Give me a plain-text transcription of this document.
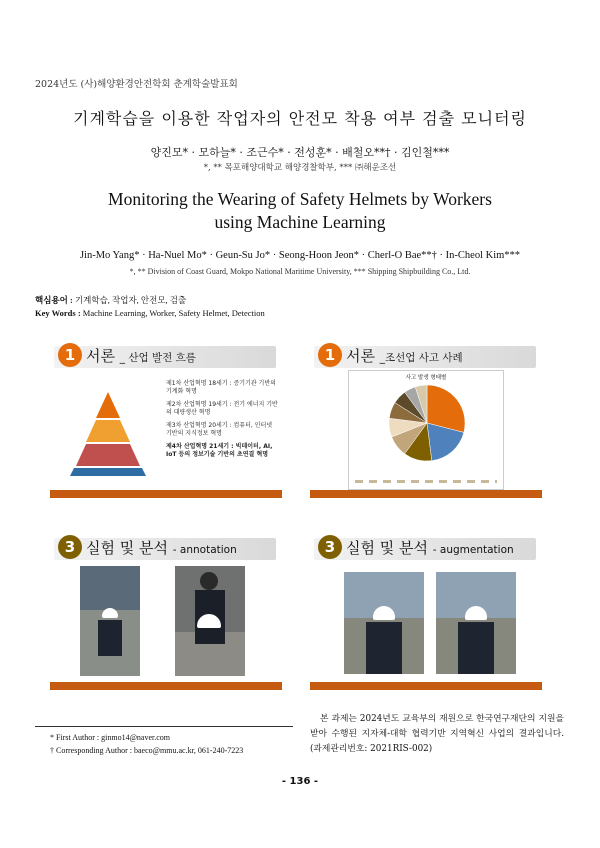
2024년도 (사)해양환경안전학회 춘계학술발표회
기계학습을 이용한 작업자의 안전모 착용 여부 검출 모니터링
양진모* · 모하늘* · 조근수* · 전성훈* · 배철오**† · 김인철***
*, ** 목포해양대학교 해양경찰학부, *** ㈜해운조선
Monitoring the Wearing of Safety Helmets by Workers
using Machine Learning
Jin-Mo Yang* · Ha-Nuel Mo* · Geun-Su Jo* · Seong-Hoon Jeon* · Cherl-O Bae**† · In-Cheol Kim***
*, ** Division of Coast Guard, Mokpo National Maritime University, *** Shipping Shipbuilding Co., Ltd.
핵심용어 : 기계학습, 작업자, 안전모, 검출
Key Words : Machine Learning, Worker, Safety Helmet, Detection
1 서론 _ 산업 발전 흐름
제1차 산업혁명 18세기 : 증기기관 기반의 기계화 혁명
제2차 산업혁명 19세기 : 전기 에너지 기반의 대량생산 혁명
제3차 산업혁명 20세기 : 컴퓨터, 인터넷 기반의 지식정보 혁명
제4차 산업혁명 21세기 : 빅데이터, AI, IoT 등의 정보기술 기반의 초연결 혁명
1 서론 _조선업 사고 사례
사고 발생 형태별
3 실험 및 분석 - annotation	3 실험 및 분석 - augmentation
* First Author : ginmo14@naver.com
† Corresponding Author : baeco@mmu.ac.kr, 061-240-7223
본 과제는 2024년도 교육부의 재원으로 한국연구재단의 지원을 받아 수행된 지자체-대학 협력기반 지역혁신 사업의 결과입니다.(과제관리번호: 2021RIS-002)
- 136 -
